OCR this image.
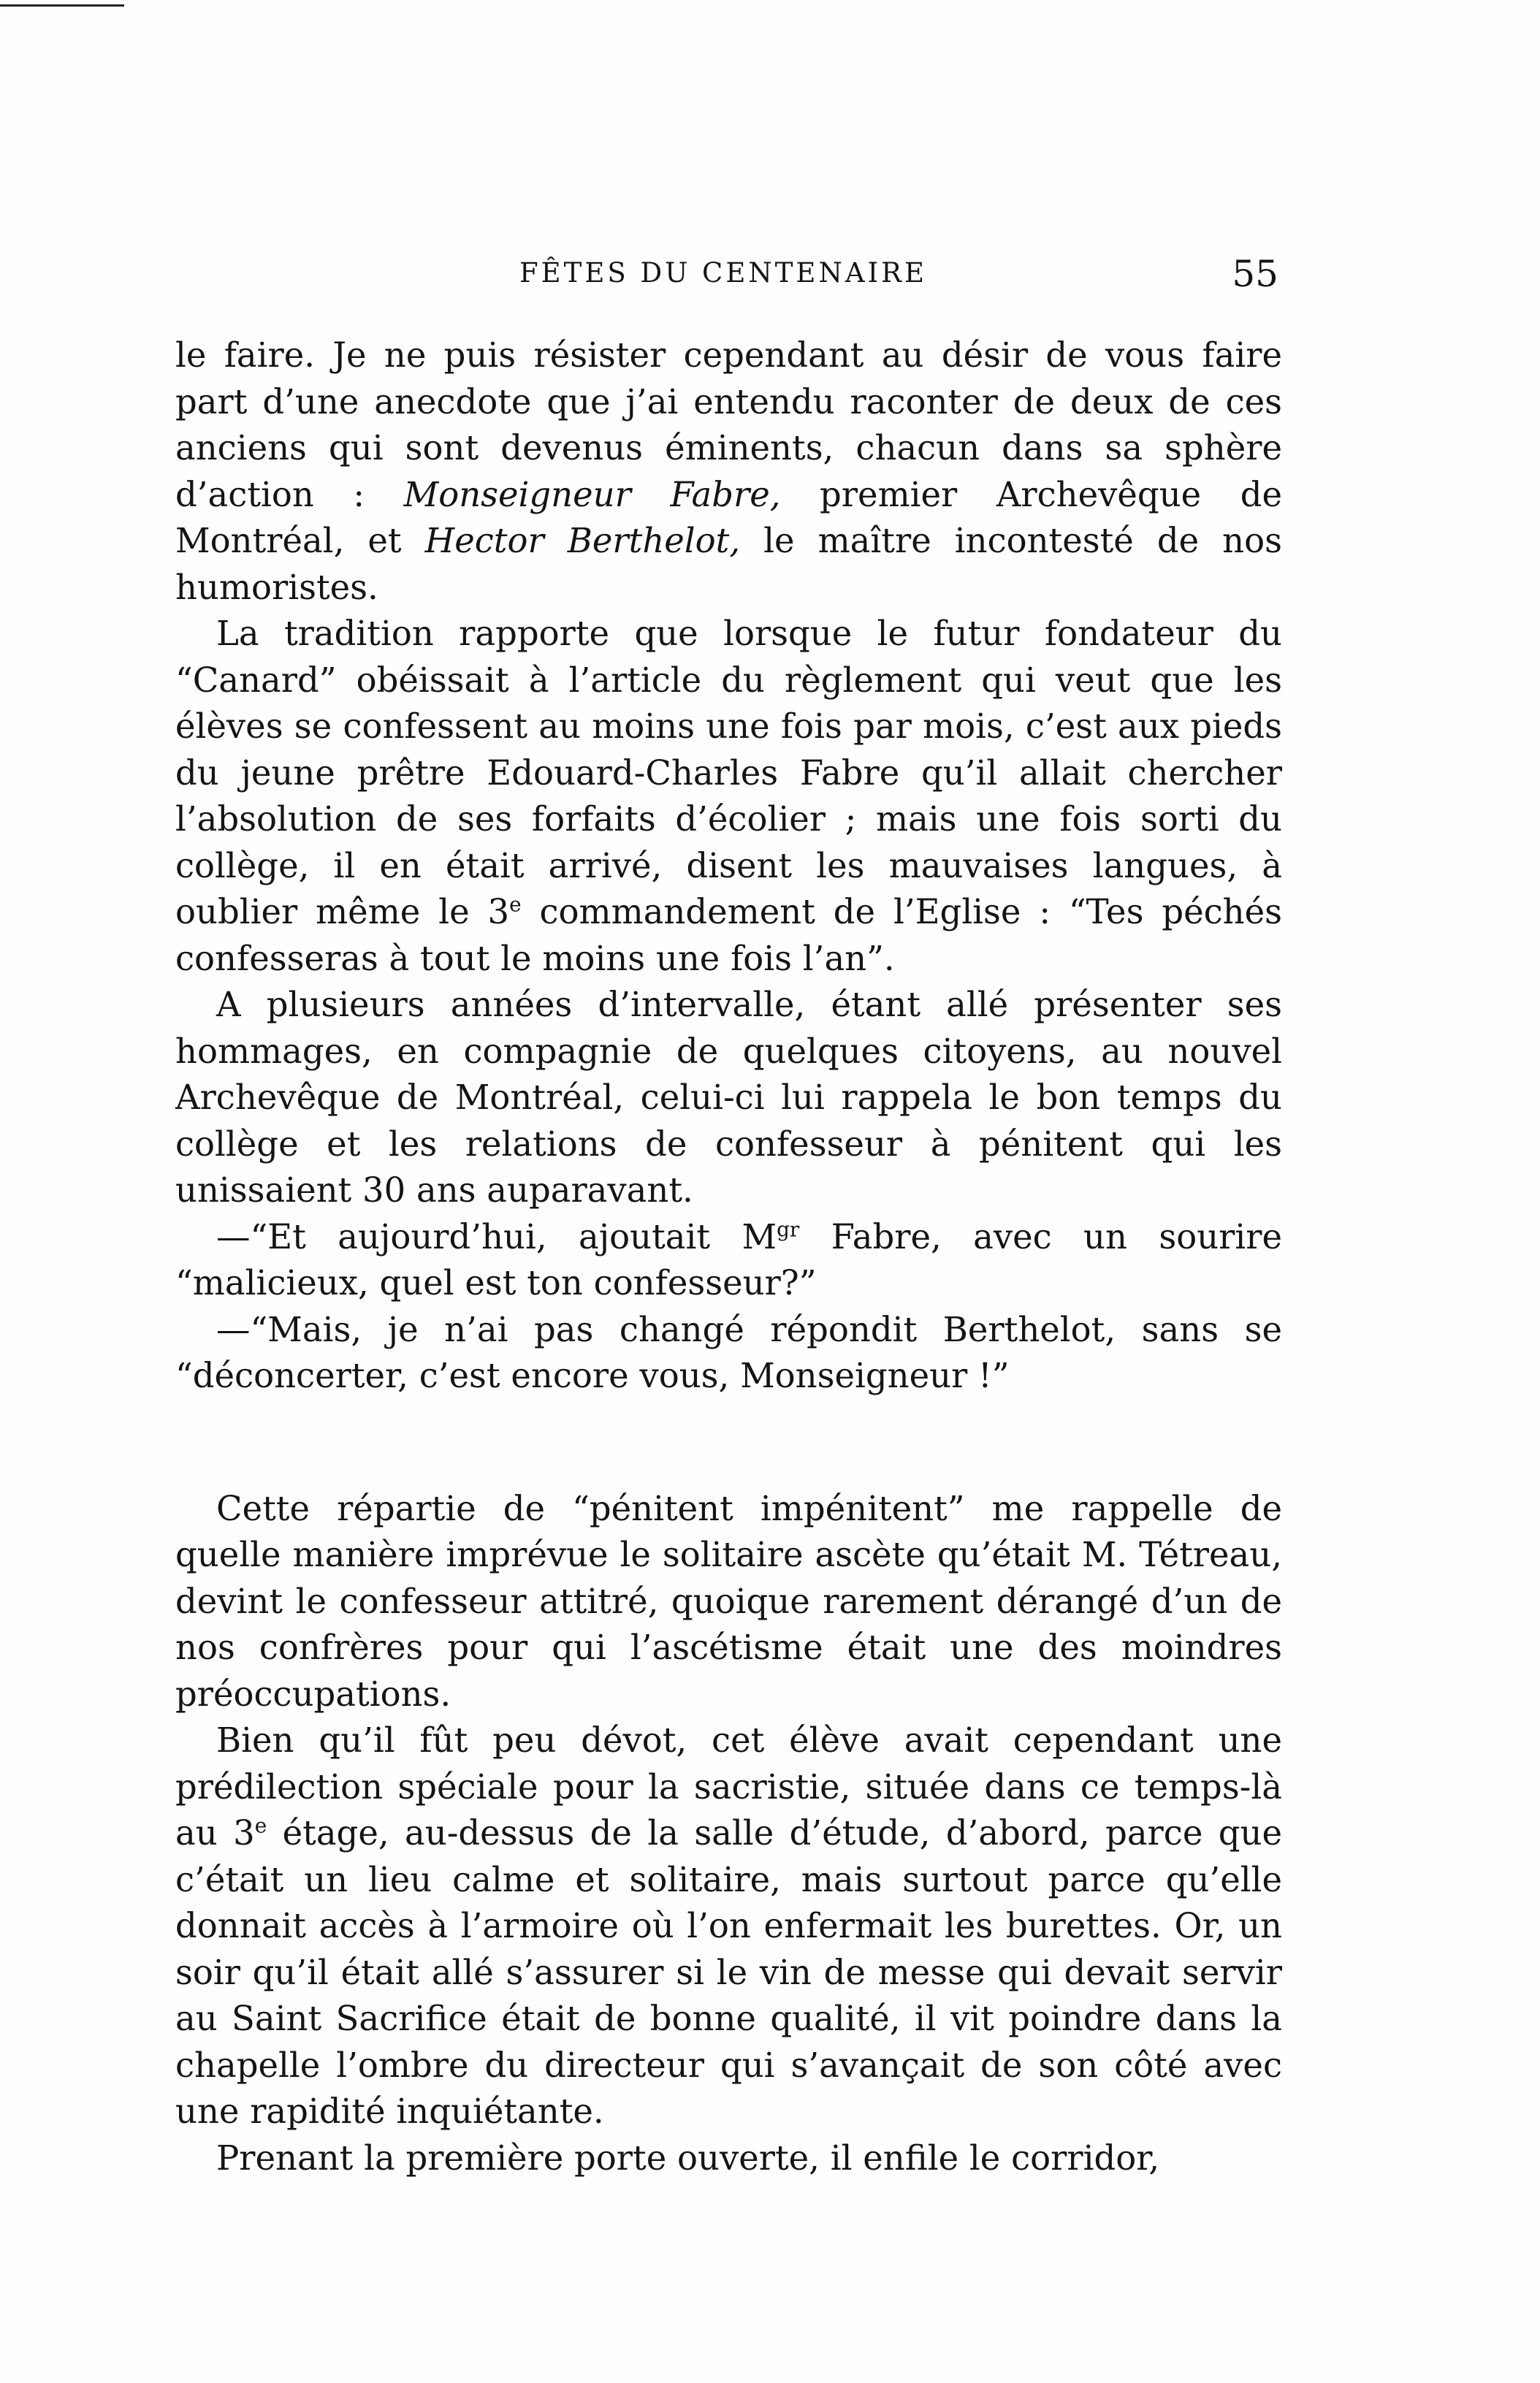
FÊTES DU CENTENAIRE	55

le faire. Je ne puis résister cependant au désir de vous faire part d’une anecdote que j’ai entendu raconter de deux de ces anciens qui sont devenus éminents, chacun dans sa sphère d’action : Monseigneur Fabre, premier Archevêque de Montréal, et Hector Berthelot, le maître incontesté de nos humoristes.

La tradition rapporte que lorsque le futur fondateur du “Canard” obéissait à l’article du règlement qui veut que les élèves se confessent au moins une fois par mois, c’est aux pieds du jeune prêtre Edouard-Charles Fabre qu’il allait chercher l’absolution de ses forfaits d’écolier ; mais une fois sorti du collège, il en était arrivé, disent les mauvaises langues, à oublier même le 3e commandement de l’Eglise : “Tes péchés confesseras à tout le moins une fois l’an”.

A plusieurs années d’intervalle, étant allé présenter ses hommages, en compagnie de quelques citoyens, au nouvel Archevêque de Montréal, celui-ci lui rappela le bon temps du collège et les relations de confesseur à pénitent qui les unissaient 30 ans auparavant.

—“Et aujourd’hui, ajoutait $M^{gr}$ Fabre, avec un sourire “malicieux, quel est ton confesseur?”

—“Mais, je n’ai pas changé répondit Berthelot, sans se “déconcerter, c’est encore vous, Monseigneur !”

Cette répartie de “pénitent impénitent” me rappelle de quelle manière imprévue le solitaire ascète qu’était M. Tétreau, devint le confesseur attitré, quoique rarement dérangé d’un de nos confrères pour qui l’ascétisme était une des moindres préoccupations.

Bien qu’il fût peu dévot, cet élève avait cependant une prédilection spéciale pour la sacristie, située dans ce temps-là au 3e étage, au-dessus de la salle d’étude, d’abord, parce que c’était un lieu calme et solitaire, mais surtout parce qu’elle donnait accès à l’armoire où l’on enfermait les burettes. Or, un soir qu’il était allé s’assurer si le vin de messe qui devait servir au Saint Sacrifice était de bonne qualité, il vit poindre dans la chapelle l’ombre du directeur qui s’avançait de son côté avec une rapidité inquiétante.

Prenant la première porte ouverte, il enfile le corridor,
